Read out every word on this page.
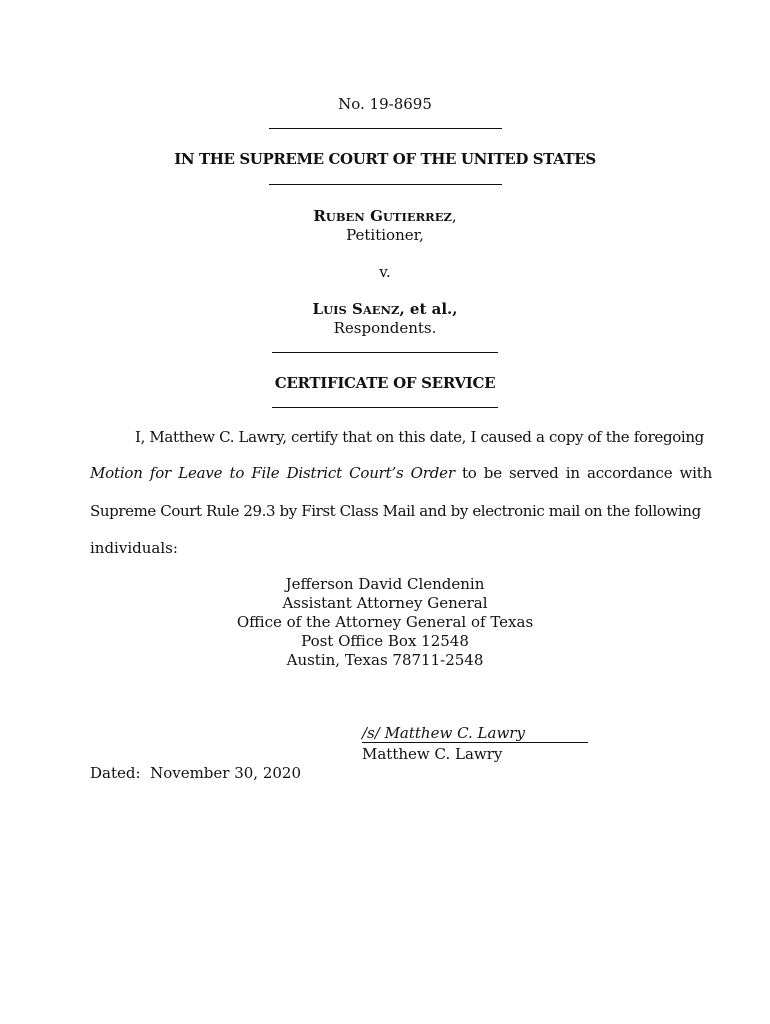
No. 19-8695
IN THE SUPREME COURT OF THE UNITED STATES
RUBEN GUTIERREZ,
Petitioner,
v.
LUIS SAENZ, et al.,
Respondents.
CERTIFICATE OF SERVICE
I, Matthew C. Lawry, certify that on this date, I caused a copy of the foregoing
Motion for Leave to File District Court’s Order to be served in accordance with
Supreme Court Rule 29.3 by First Class Mail and by electronic mail on the following
individuals:
Jefferson David Clendenin
Assistant Attorney General
Office of the Attorney General of Texas
Post Office Box 12548
Austin, Texas 78711-2548
/s/ Matthew C. Lawry
Matthew C. Lawry
Dated:  November 30, 2020
